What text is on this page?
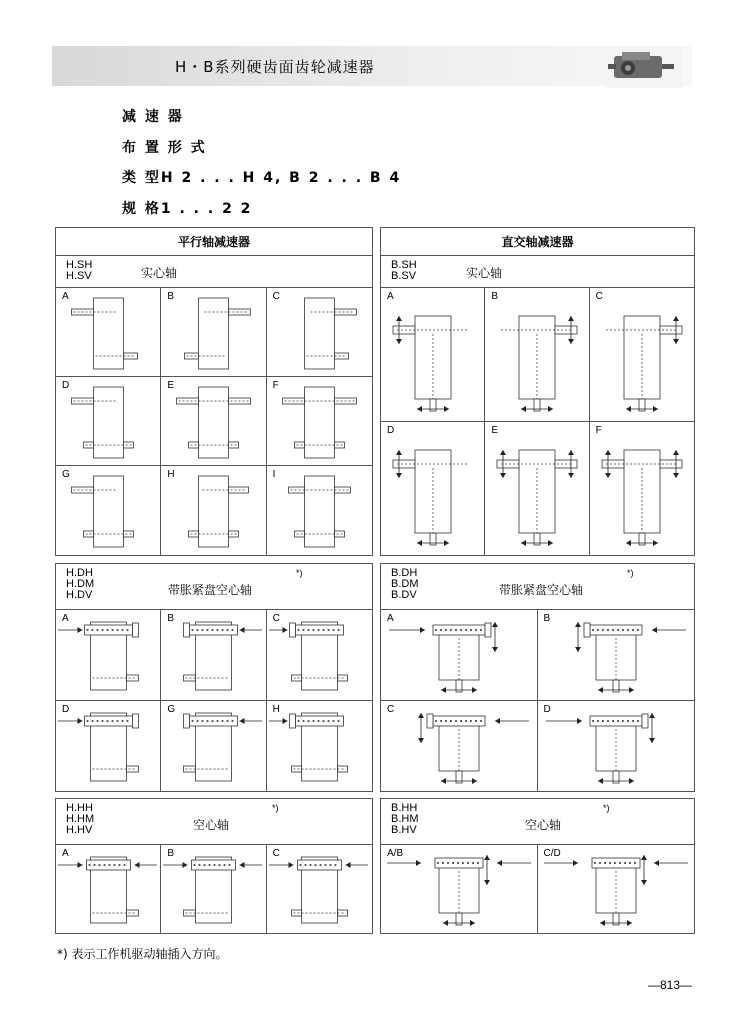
H・B系列硬齿面齿轮减速器
减 速 器
布 置 形 式
类 型H 2 . . . H 4, B 2 . . . B 4
规 格1 . . . 2 2
平行轴减速器
H.SH
H.SV	实心轴
A	B	C
D	E	F
G	H	I
直交轴减速器
B.SH
B.SV	实心轴
A	B	C
D	E	F
H.DH
H.DM
H.DV	带胀紧盘空心轴
*)
A	B	C
D	G	H
B.DH
B.DM
B.DV	带胀紧盘空心轴
*)
A	B
C	D
H.HH
H.HM
H.HV	空心轴
*)
A	B	C
B.HH
B.HM
B.HV	空心轴
*)
A/B	C/D
*) 表示工作机驱动轴插入方向。
—813—
